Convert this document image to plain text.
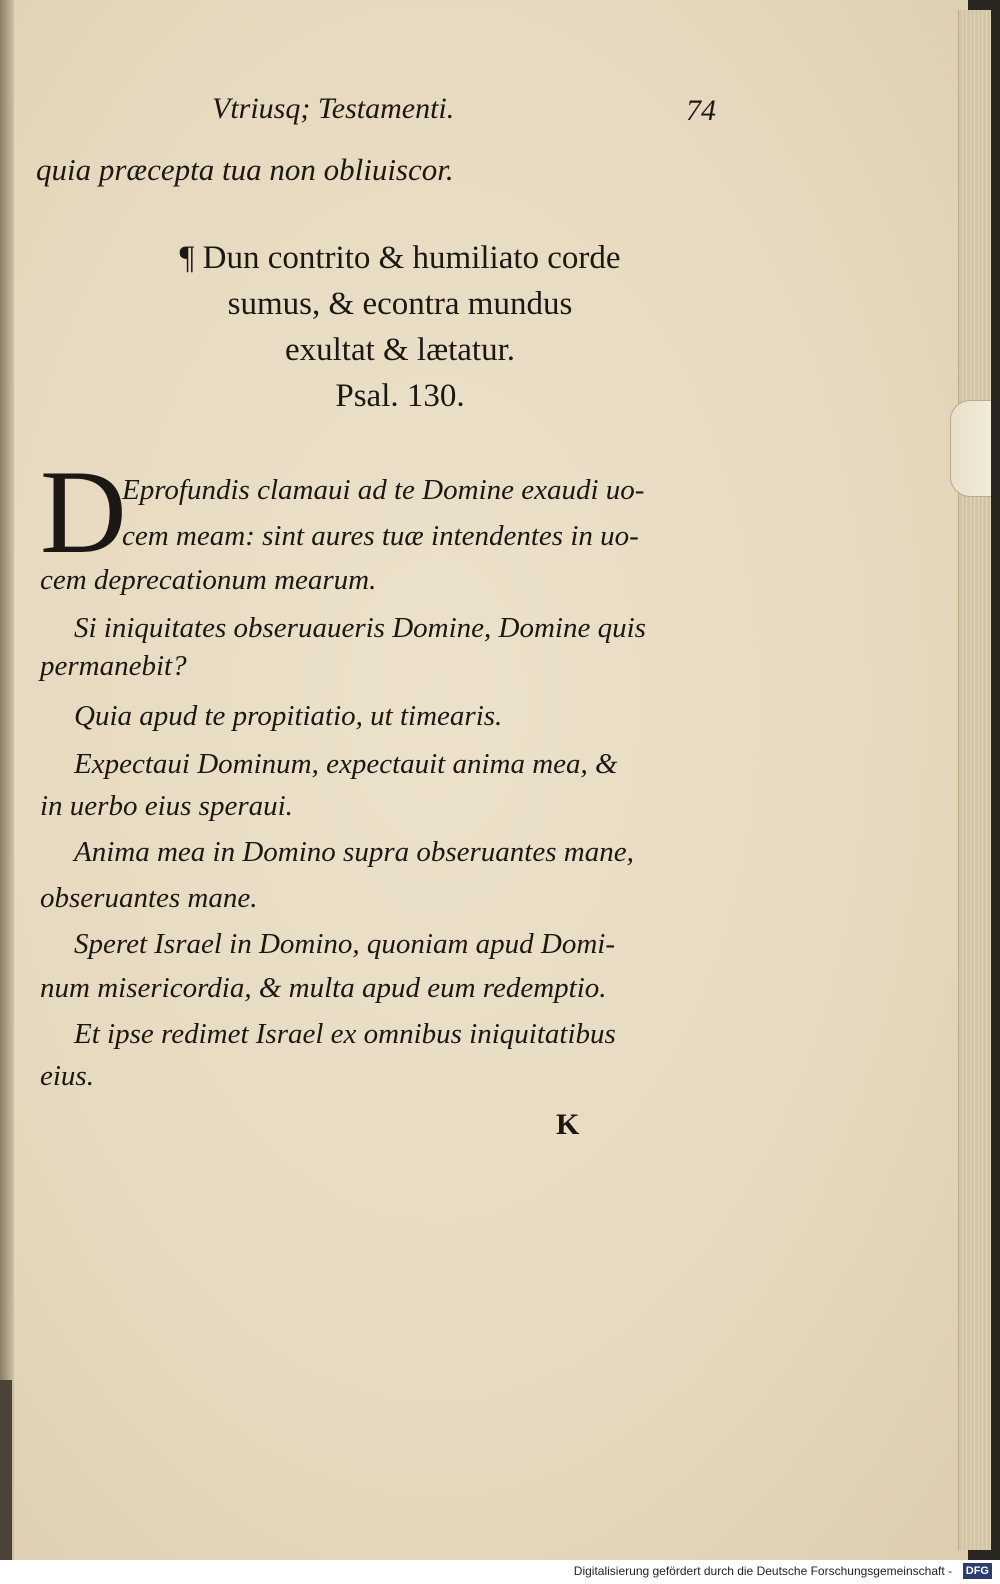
Vtriusq; Testamenti.	74
quia præcepta tua non obliuiscor.
¶ Dun contrito & humiliato corde
sumus, & econtra mundus
exultat & lætatur.
Psal. 130.
D
Eprofundis clamaui ad te Domine exaudi uo-
cem meam: sint aures tuæ intendentes in uo-
cem deprecationum mearum.
Si iniquitates obseruaueris Domine, Domine quis
permanebit?
Quia apud te propitiatio, ut timearis.
Expectaui Dominum, expectauit anima mea, &
in uerbo eius speraui.
Anima mea in Domino supra obseruantes mane,
obseruantes mane.
Speret Israel in Domino, quoniam apud Domi-
num misericordia, & multa apud eum redemptio.
Et ipse redimet Israel ex omnibus iniquitatibus
eius.
K
Digitalisierung gefördert durch die Deutsche Forschungsgemeinschaft - DFG
